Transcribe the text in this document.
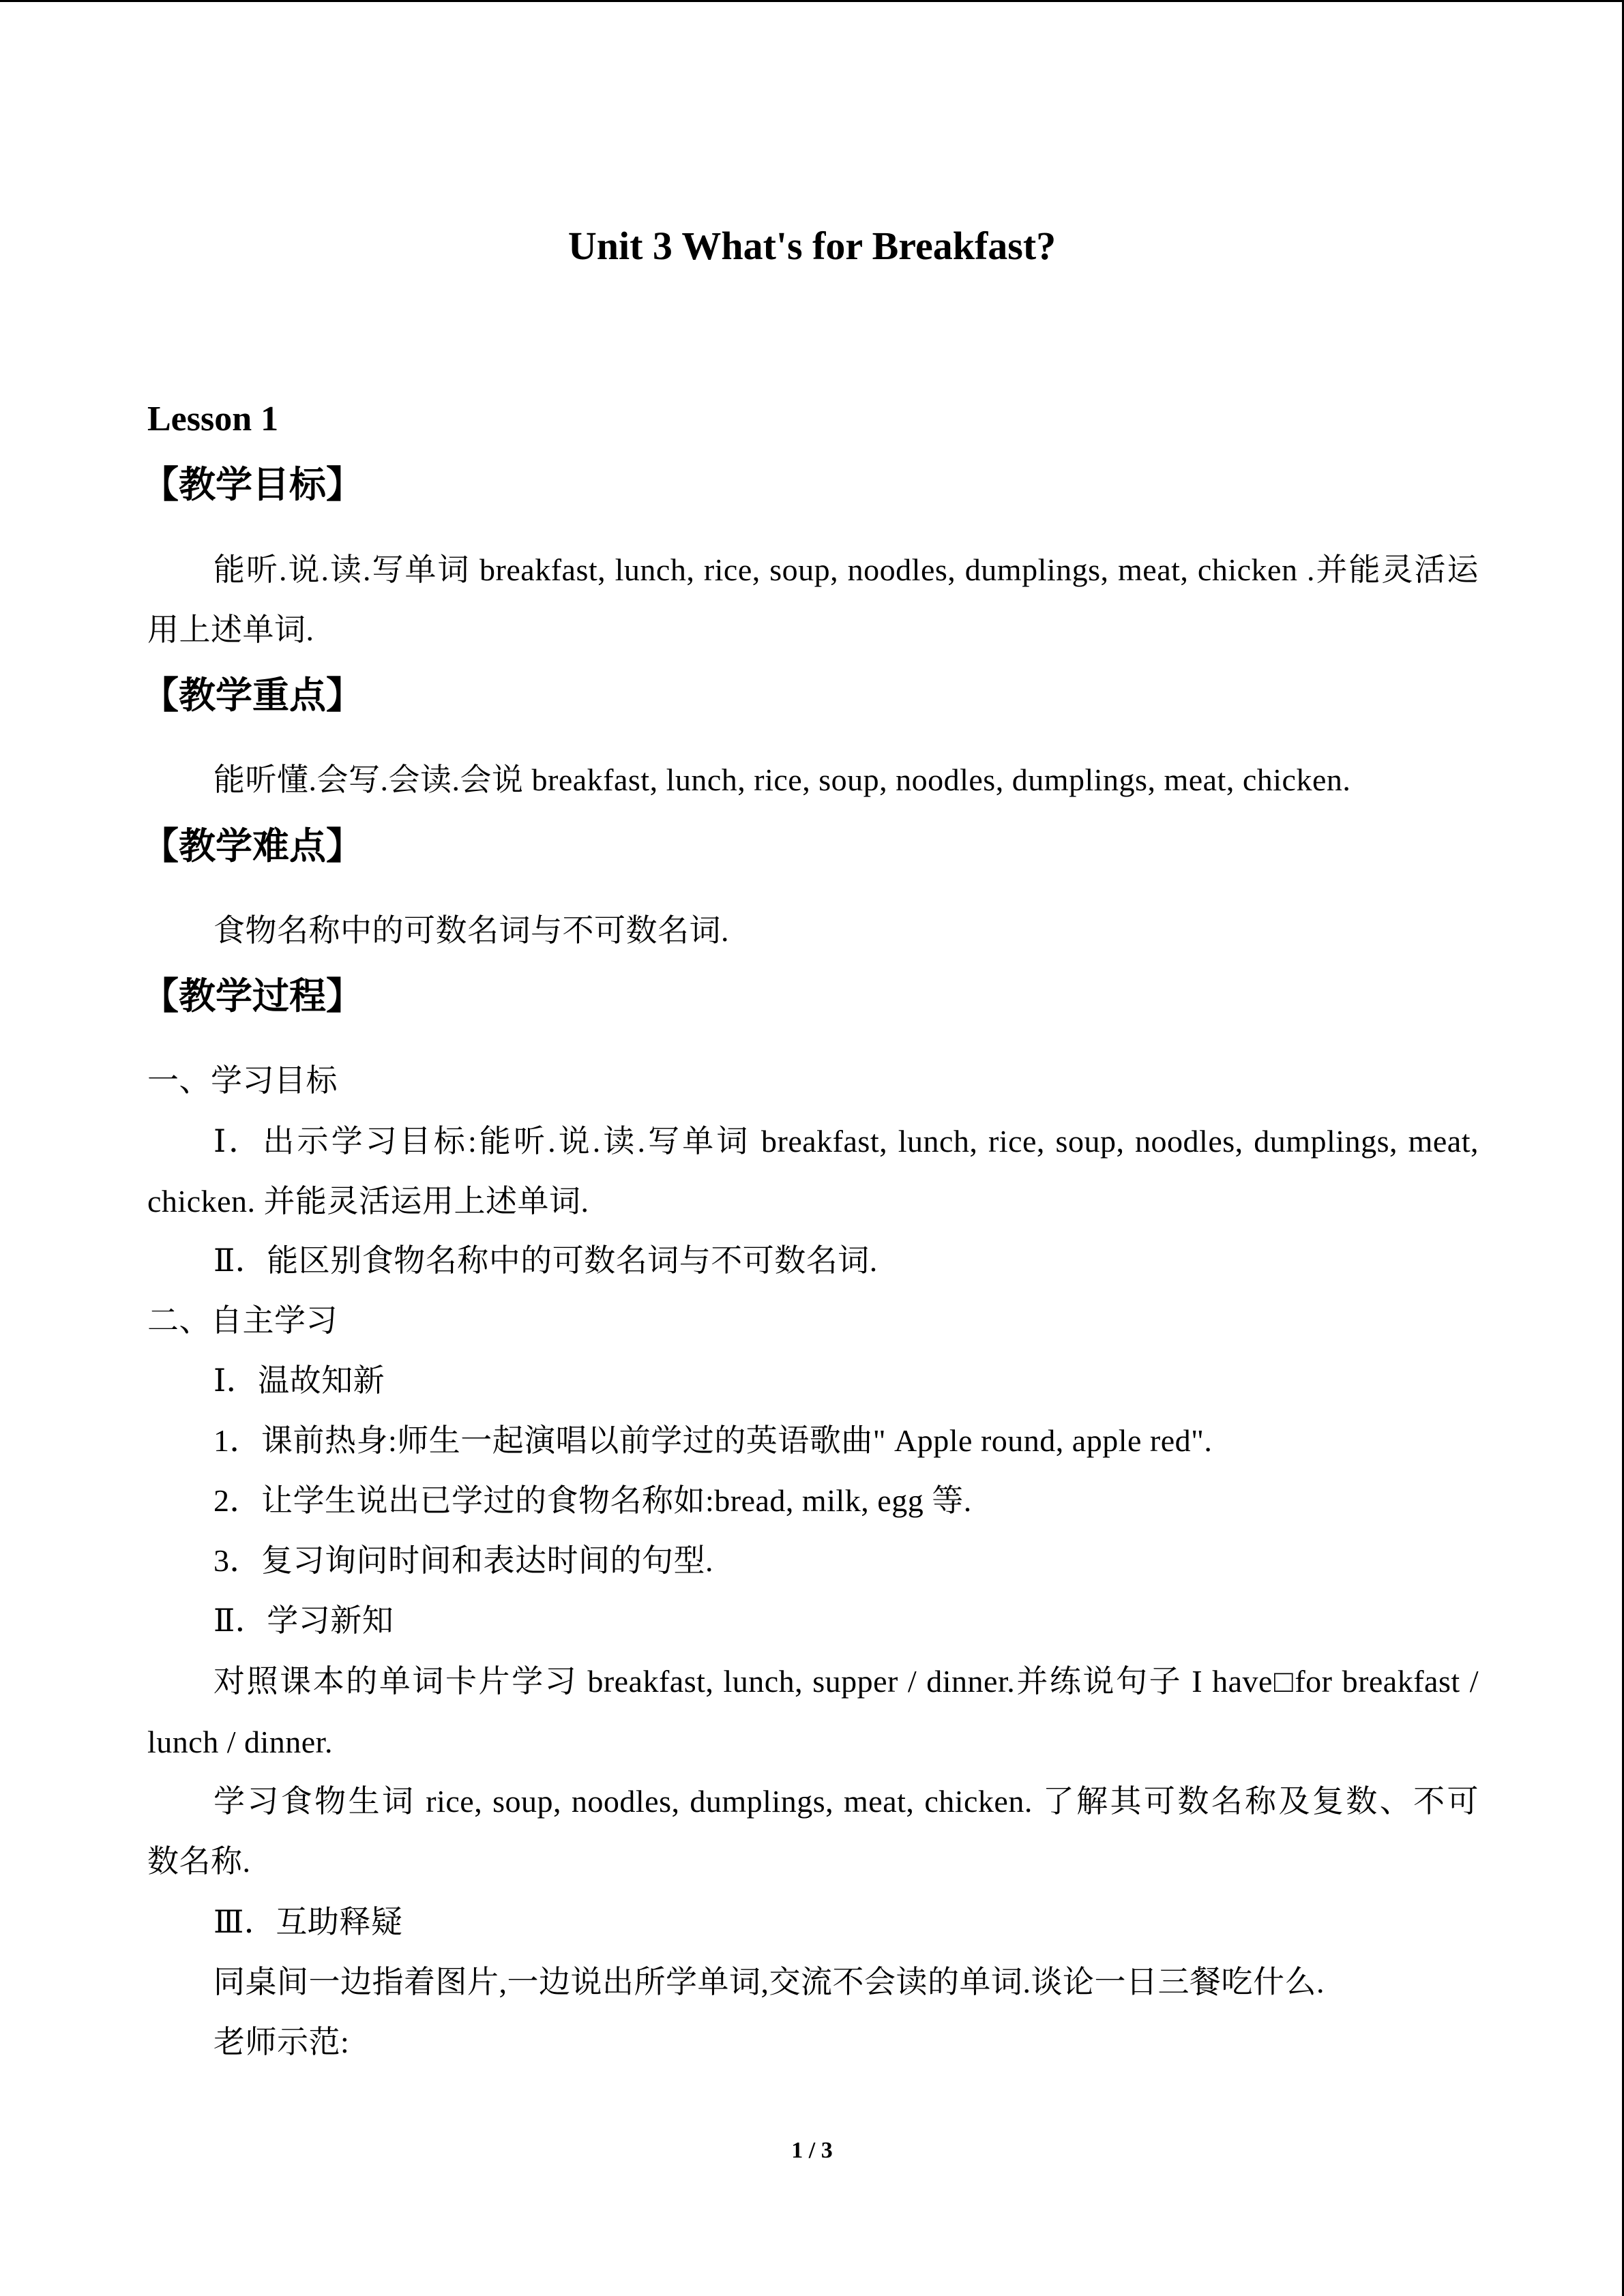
Unit 3 What's for Breakfast?
Lesson 1
【教学目标】
能听.说.读.写单词 breakfast, lunch, rice, soup, noodles, dumplings, meat, chicken .并能灵活运
用上述单词.
【教学重点】
能听懂.会写.会读.会说 breakfast, lunch, rice, soup, noodles, dumplings, meat, chicken.
【教学难点】
食物名称中的可数名词与不可数名词.
【教学过程】
一、学习目标
Ⅰ．出示学习目标:能听.说.读.写单词 breakfast, lunch, rice, soup, noodles, dumplings, meat,
chicken. 并能灵活运用上述单词.
Ⅱ．能区别食物名称中的可数名词与不可数名词.
二、自主学习
Ⅰ．温故知新
1．课前热身:师生一起演唱以前学过的英语歌曲" Apple round, apple red".
2．让学生说出已学过的食物名称如:bread, milk, egg 等.
3．复习询问时间和表达时间的句型.
Ⅱ．学习新知
对照课本的单词卡片学习 breakfast, lunch, supper / dinner.并练说句子 I have□for breakfast /
lunch / dinner.
学习食物生词 rice, soup, noodles, dumplings, meat, chicken. 了解其可数名称及复数、不可
数名称.
Ⅲ．互助释疑
同桌间一边指着图片,一边说出所学单词,交流不会读的单词.谈论一日三餐吃什么.
老师示范:
1 / 3
